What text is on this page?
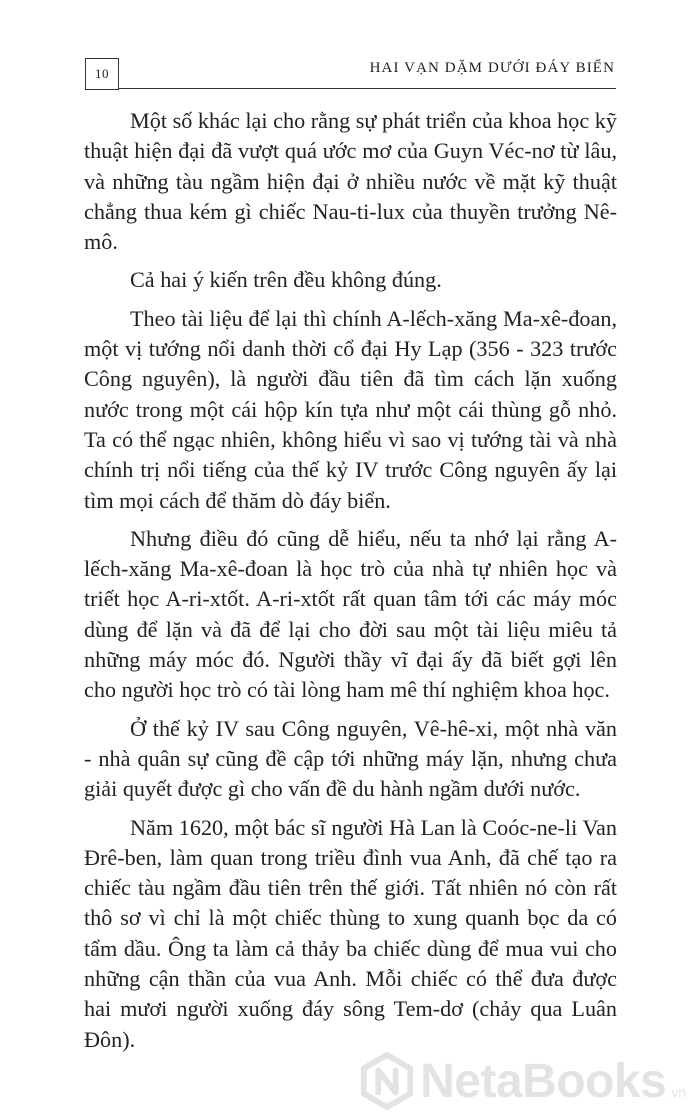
10	HAI VẠN DẶM DƯỚI ĐÁY BIỂN

Một số khác lại cho rằng sự phát triển của khoa học kỹ thuật hiện đại đã vượt quá ước mơ của Guyn Véc-nơ từ lâu, và những tàu ngầm hiện đại ở nhiều nước về mặt kỹ thuật chẳng thua kém gì chiếc Nau-ti-lux của thuyền trưởng Nê-mô.

Cả hai ý kiến trên đều không đúng.

Theo tài liệu để lại thì chính A-lếch-xăng Ma-xê-đoan, một vị tướng nổi danh thời cổ đại Hy Lạp (356 - 323 trước Công nguyên), là người đầu tiên đã tìm cách lặn xuống nước trong một cái hộp kín tựa như một cái thùng gỗ nhỏ. Ta có thể ngạc nhiên, không hiểu vì sao vị tướng tài và nhà chính trị nổi tiếng của thế kỷ IV trước Công nguyên ấy lại tìm mọi cách để thăm dò đáy biển.

Nhưng điều đó cũng dễ hiểu, nếu ta nhớ lại rằng A-lếch-xăng Ma-xê-đoan là học trò của nhà tự nhiên học và triết học A-ri-xtốt. A-ri-xtốt rất quan tâm tới các máy móc dùng để lặn và đã để lại cho đời sau một tài liệu miêu tả những máy móc đó. Người thầy vĩ đại ấy đã biết gợi lên cho người học trò có tài lòng ham mê thí nghiệm khoa học.

Ở thế kỷ IV sau Công nguyên, Vê-hê-xi, một nhà văn - nhà quân sự cũng đề cập tới những máy lặn, nhưng chưa giải quyết được gì cho vấn đề du hành ngầm dưới nước.

Năm 1620, một bác sĩ người Hà Lan là Coóc-ne-li Van Đrê-ben, làm quan trong triều đình vua Anh, đã chế tạo ra chiếc tàu ngầm đầu tiên trên thế giới. Tất nhiên nó còn rất thô sơ vì chỉ là một chiếc thùng to xung quanh bọc da có tẩm dầu. Ông ta làm cả thảy ba chiếc dùng để mua vui cho những cận thần của vua Anh. Mỗi chiếc có thể đưa được hai mươi người xuống đáy sông Tem-dơ (chảy qua Luân Đôn).

NetaBooks .vn
